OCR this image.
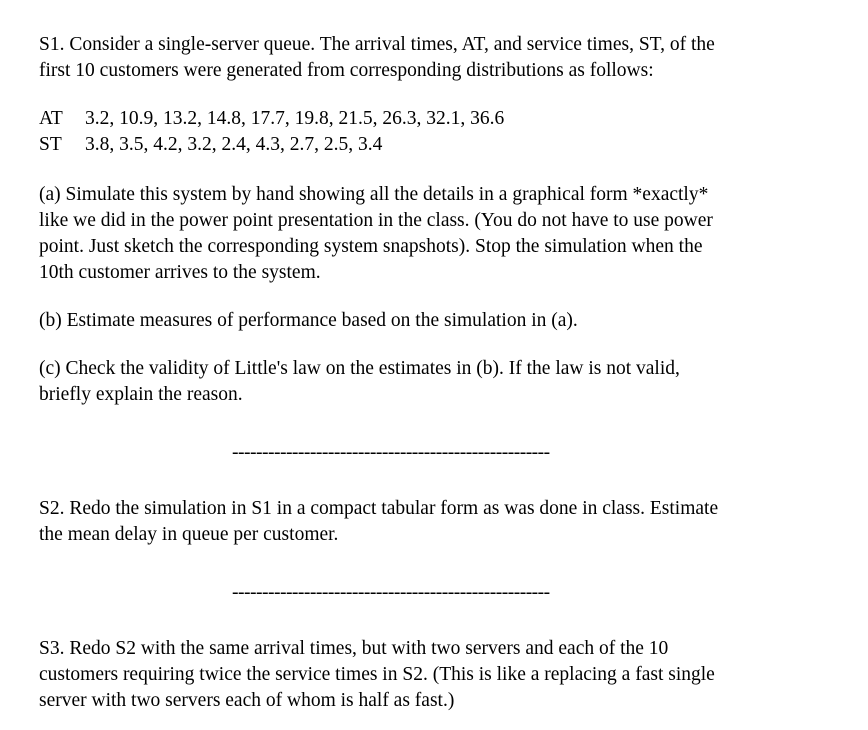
S1. Consider a single-server queue. The arrival times, AT, and service times, ST, of the
first 10 customers were generated from corresponding distributions as follows:
AT	3.2, 10.9, 13.2, 14.8, 17.7, 19.8, 21.5, 26.3, 32.1, 36.6
ST	3.8, 3.5, 4.2, 3.2, 2.4, 4.3, 2.7, 2.5, 3.4
(a) Simulate this system by hand showing all the details in a graphical form *exactly*
like we did in the power point presentation in the class. (You do not have to use power
point. Just sketch the corresponding system snapshots). Stop the simulation when the
10th customer arrives to the system.
(b) Estimate measures of performance based on the simulation in (a).
(c) Check the validity of Little's law on the estimates in (b). If the law is not valid,
briefly explain the reason.
-----------------------------------------------------
S2. Redo the simulation in S1 in a compact tabular form as was done in class. Estimate
the mean delay in queue per customer.
-----------------------------------------------------
S3. Redo S2 with the same arrival times, but with two servers and each of the 10
customers requiring twice the service times in S2. (This is like a replacing a fast single
server with two servers each of whom is half as fast.)
